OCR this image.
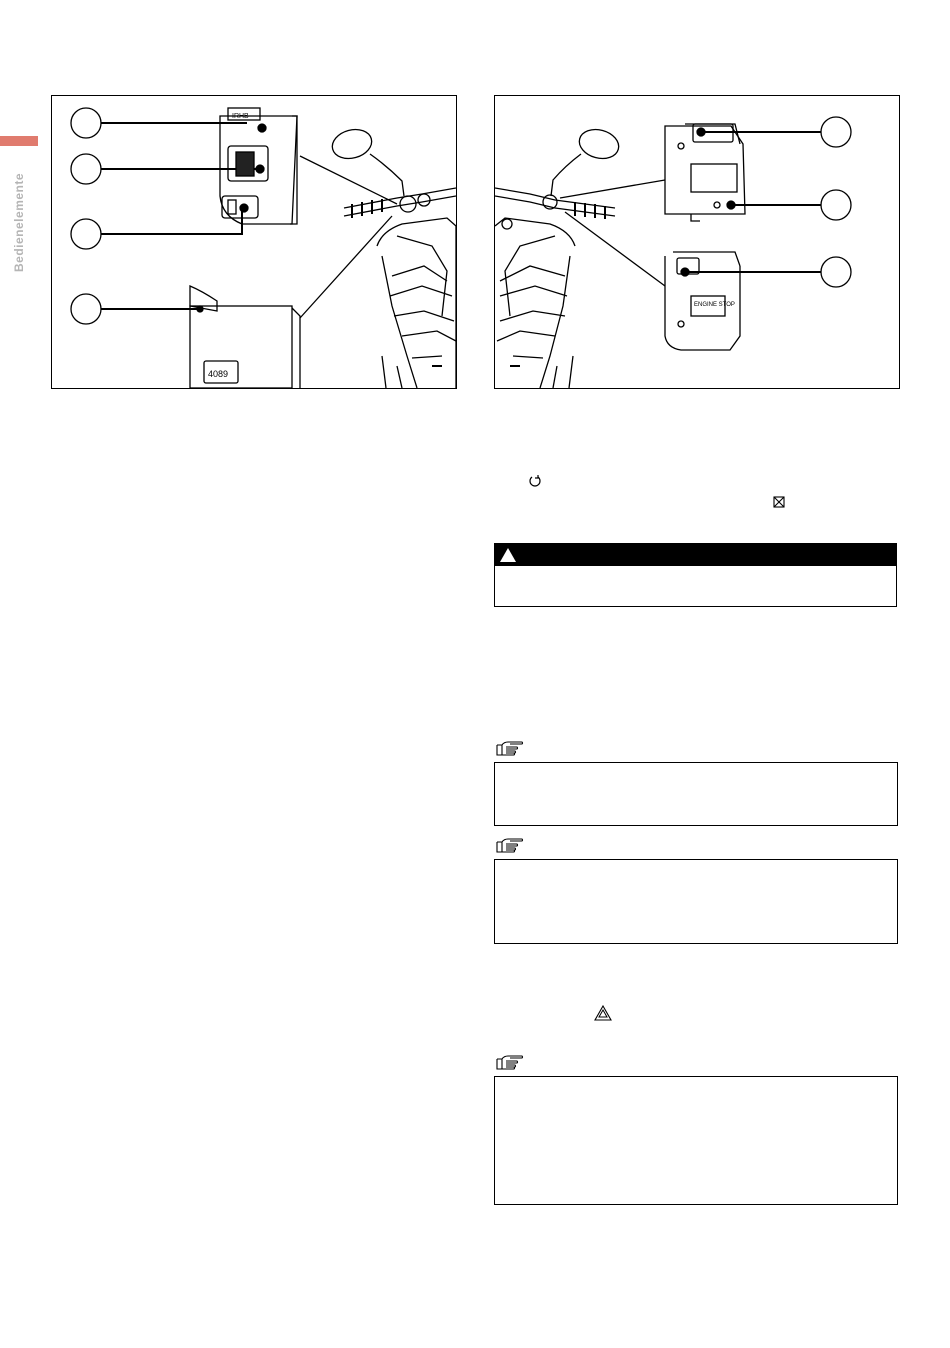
Bedienelemente
IRHB
4089
ENGINE STOP
